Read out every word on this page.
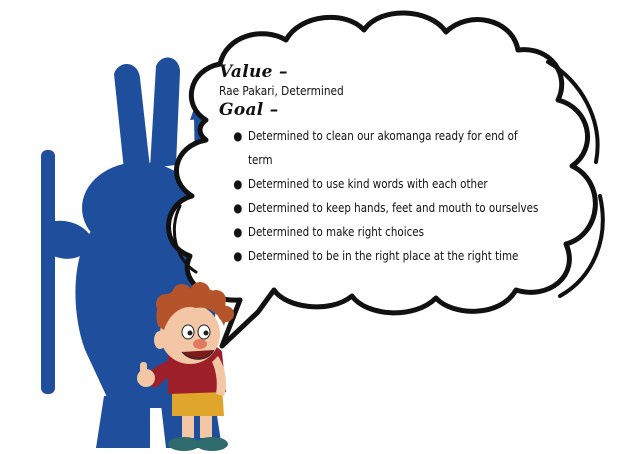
Value –
Rae Pakari, Determined
Goal –
● Determined to clean our akomanga ready for end of term
● Determined to use kind words with each other
● Determined to keep hands, feet and mouth to ourselves
● Determined to make right choices
● Determined to be in the right place at the right time
